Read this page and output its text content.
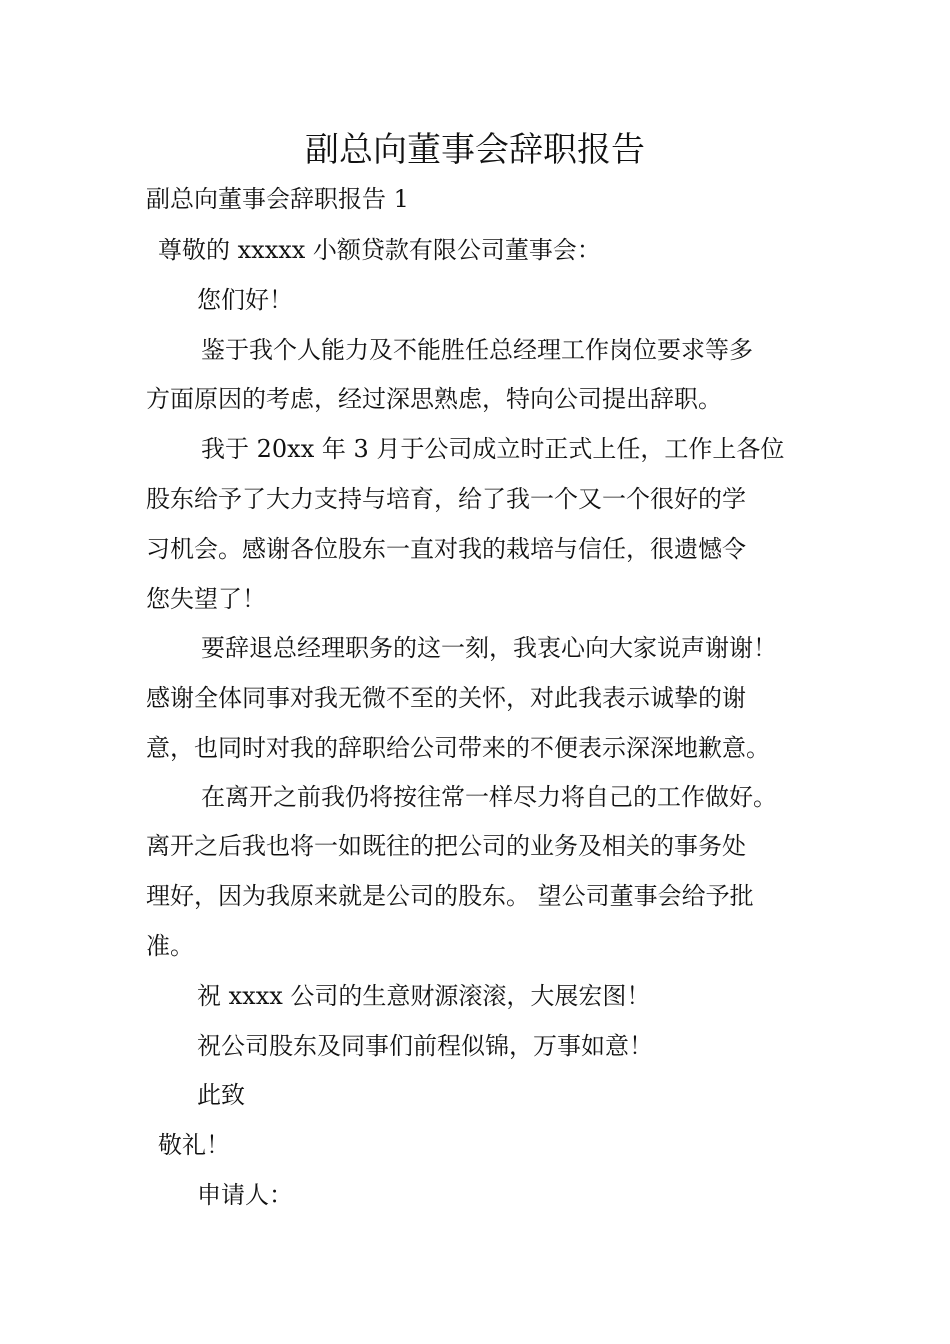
副总向董事会辞职报告

副总向董事会辞职报告 1

尊敬的 xxxxx 小额贷款有限公司董事会：

您们好！

鉴于我个人能力及不能胜任总经理工作岗位要求等多

方面原因的考虑，经过深思熟虑，特向公司提出辞职。

我于 20xx 年 3 月于公司成立时正式上任，工作上各位

股东给予了大力支持与培育，给了我一个又一个很好的学

习机会。感谢各位股东一直对我的栽培与信任，很遗憾令

您失望了！

要辞退总经理职务的这一刻，我衷心向大家说声谢谢！

感谢全体同事对我无微不至的关怀，对此我表示诚挚的谢

意，也同时对我的辞职给公司带来的不便表示深深地歉意。

在离开之前我仍将按往常一样尽力将自己的工作做好。

离开之后我也将一如既往的把公司的业务及相关的事务处

理好，因为我原来就是公司的股东。 望公司董事会给予批

准。

祝 xxxx 公司的生意财源滚滚，大展宏图！

祝公司股东及同事们前程似锦，万事如意！

此致

敬礼！

申请人：
